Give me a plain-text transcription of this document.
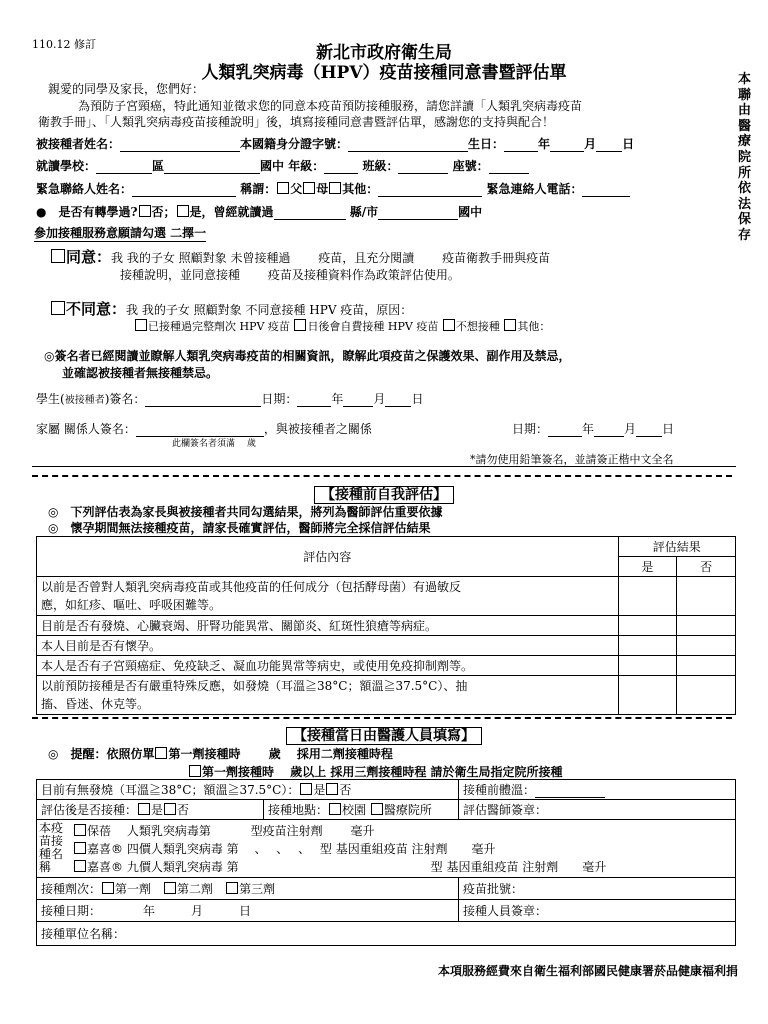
110.12 修訂	新北市政府衛生局
人類乳突病毒（HPV）疫苗接種同意書暨評估單	本聯由醫療院所依法保存
親愛的同學及家長，您們好：
為預防子宮頸癌，特此通知並徵求您的同意本疫苗預防接種服務，請您詳讀「人類乳突病毒疫苗
衛教手冊」、「人類乳突病毒疫苗接種說明」後，填寫接種同意書暨評估單，感謝您的支持與配合！
被接種者姓名：	本國籍身分證字號：	生日：	年	月 日
就讀學校：	區	國中 年級：	班級：	座號：
緊急聯絡人姓名：	稱謂： 父 母 其他：	緊急連絡人電話：
●　是否有轉學過? 否； 是，曾經就讀過	縣/市	國中
參加接種服務意願請勾選 二擇一
同意：我 我的子女 照顧對象 未曾接種過　　 疫苗，且充分閱讀　　 疫苗衛教手冊與疫苗
接種說明，並同意接種　　 疫苗及接種資料作為政策評估使用。
不同意：我 我的子女 照顧對象 不同意接種 HPV 疫苗，原因：
已接種過完整劑次 HPV 疫苗 日後會自費接種 HPV 疫苗 不想接種 其他：
◎簽名者已經閱讀並瞭解人類乳突病毒疫苗的相關資訊，瞭解此項疫苗之保護效果、副作用及禁忌，
並確認被接種者無接種禁忌。
學生(被接種者)簽名：	日期：	年	月 日
家屬 關係人簽名：	，與被接種者之關係	日期：	年	月 日
此欄簽名者須滿　 歲
*請勿使用鉛筆簽名，並請簽正楷中文全名
【接種前自我評估】
◎　下列評估表為家長與被接種者共同勾選結果，將列為醫師評估重要依據
◎　懷孕期間無法接種疫苗，請家長確實評估，醫師將完全採信評估結果
評估內容	評估結果	
	是	否
以前是否曾對人類乳突病毒疫苗或其他疫苗的任何成分（包括酵母菌）有過敏反
應，如紅疹、嘔吐、呼吸困難等。		
目前是否有發燒、心臟衰竭、肝腎功能異常、關節炎、紅斑性狼瘡等病症。		
本人目前是否有懷孕。		
本人是否有子宮頸癌症、免疫缺乏、凝血功能異常等病史，或使用免疫抑制劑等。		
以前預防接種是否有嚴重特殊反應，如發燒（耳溫≧38°C；額溫≧37.5°C）、抽
搐、昏迷、休克等。		
【接種當日由醫護人員填寫】
◎　提醒：依照仿單 第一劑接種時　　 歲　 採用二劑接種時程
第一劑接種時　 歲以上 採用三劑接種時程 請於衛生局指定院所接種
目前有無發燒（耳溫≧38°C；額溫≧37.5°C）： 是 否		接種前體溫：
評估後是否接種： 是 否	接種地點： 校園 醫療院所	評估醫師簽章：

本疫苗接種名稱
保蓓　 人類乳突病毒第　　　 型疫苗注射劑　　 毫升
嘉喜® 四價人類乳突病毒 第　 、　 、　 、　 型 基因重組疫苗 注射劑　　毫升
嘉喜® 九價人類乳突病毒 第　　　　　　　　　　　　　　　　型 基因重組疫苗 注射劑　　毫升		

接種劑次： 第一劑　 第二劑　 第三劑		疫苗批號：
接種日期：　　　　年　　　月　　　日		接種人員簽章：
接種單位名稱：		
本項服務經費來自衛生福利部國民健康署菸品健康福利捐
